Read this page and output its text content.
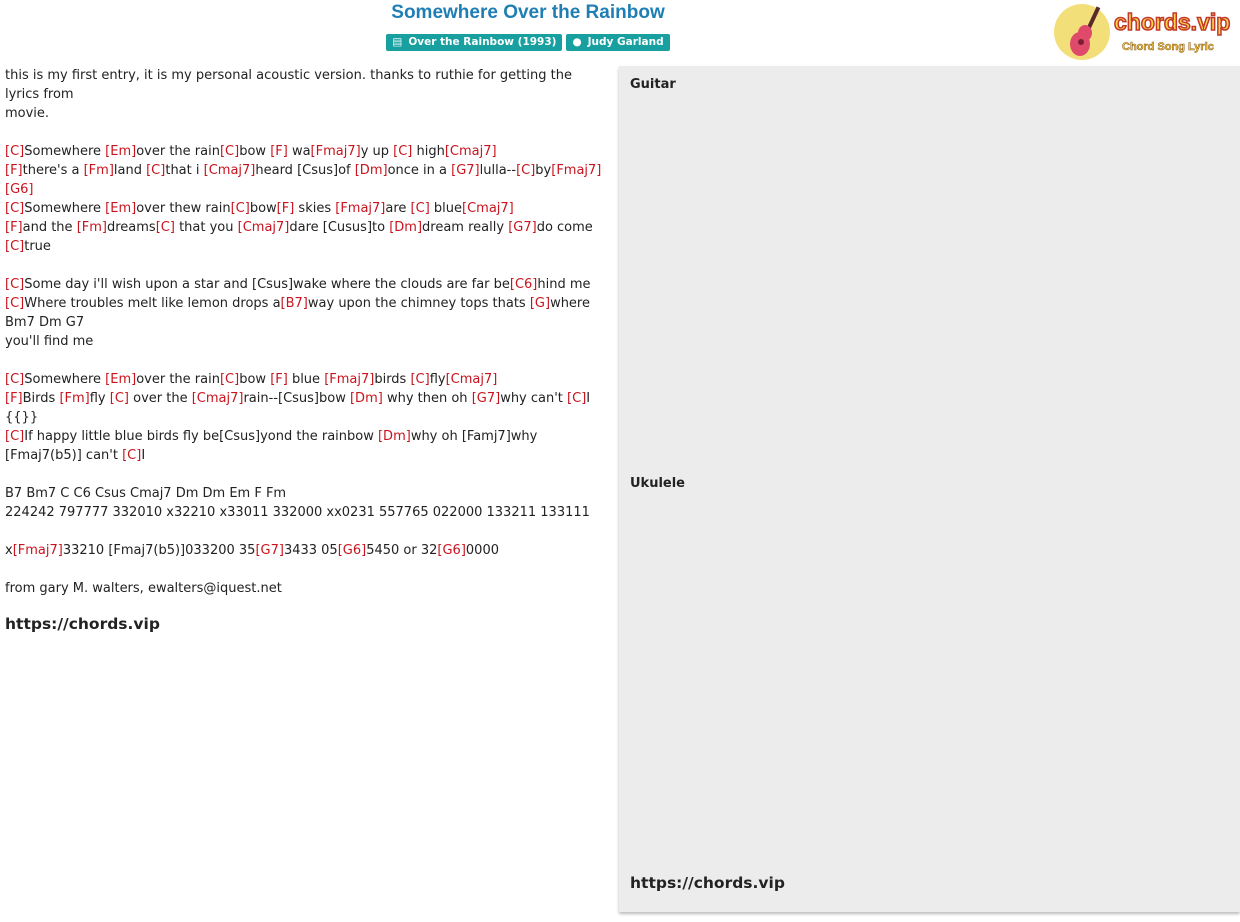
Somewhere Over the Rainbow
▤ Over the Rainbow (1993) ● Judy Garland
chords.vip
Chord Song Lyric
this is my first entry, it is my personal acoustic version. thanks to ruthie for getting the
lyrics from
movie.
[C]Somewhere [Em]over the rain[C]bow [F] wa[Fmaj7]y up [C] high[Cmaj7]
[F]there's a [Fm]land [C]that i [Cmaj7]heard [Csus]of [Dm]once in a [G7]lulla--[C]by[Fmaj7]
[G6]
[C]Somewhere [Em]over thew rain[C]bow[F] skies [Fmaj7]are [C] blue[Cmaj7]
[F]and the [Fm]dreams[C] that you [Cmaj7]dare [Cusus]to [Dm]dream really [G7]do come
[C]true
[C]Some day i'll wish upon a star and [Csus]wake where the clouds are far be[C6]hind me
[C]Where troubles melt like lemon drops a[B7]way upon the chimney tops thats [G]where
Bm7 Dm G7
you'll find me
[C]Somewhere [Em]over the rain[C]bow [F] blue [Fmaj7]birds [C]fly[Cmaj7]
[F]Birds [Fm]fly [C] over the [Cmaj7]rain--[Csus]bow [Dm] why then oh [G7]why can't [C]I
{{}}
[C]If happy little blue birds fly be[Csus]yond the rainbow [Dm]why oh [Famj7]why
[Fmaj7(b5)] can't [C]I
B7 Bm7 C C6 Csus Cmaj7 Dm Dm Em F Fm
224242 797777 332010 x32210 x33011 332000 xx0231 557765 022000 133211 133111
x[Fmaj7]33210 [Fmaj7(b5)]033200 35[G7]3433 05[G6]5450 or 32[G6]0000
from gary M. walters, ewalters@iquest.net
https://chords.vip
Guitar
Ukulele
https://chords.vip
